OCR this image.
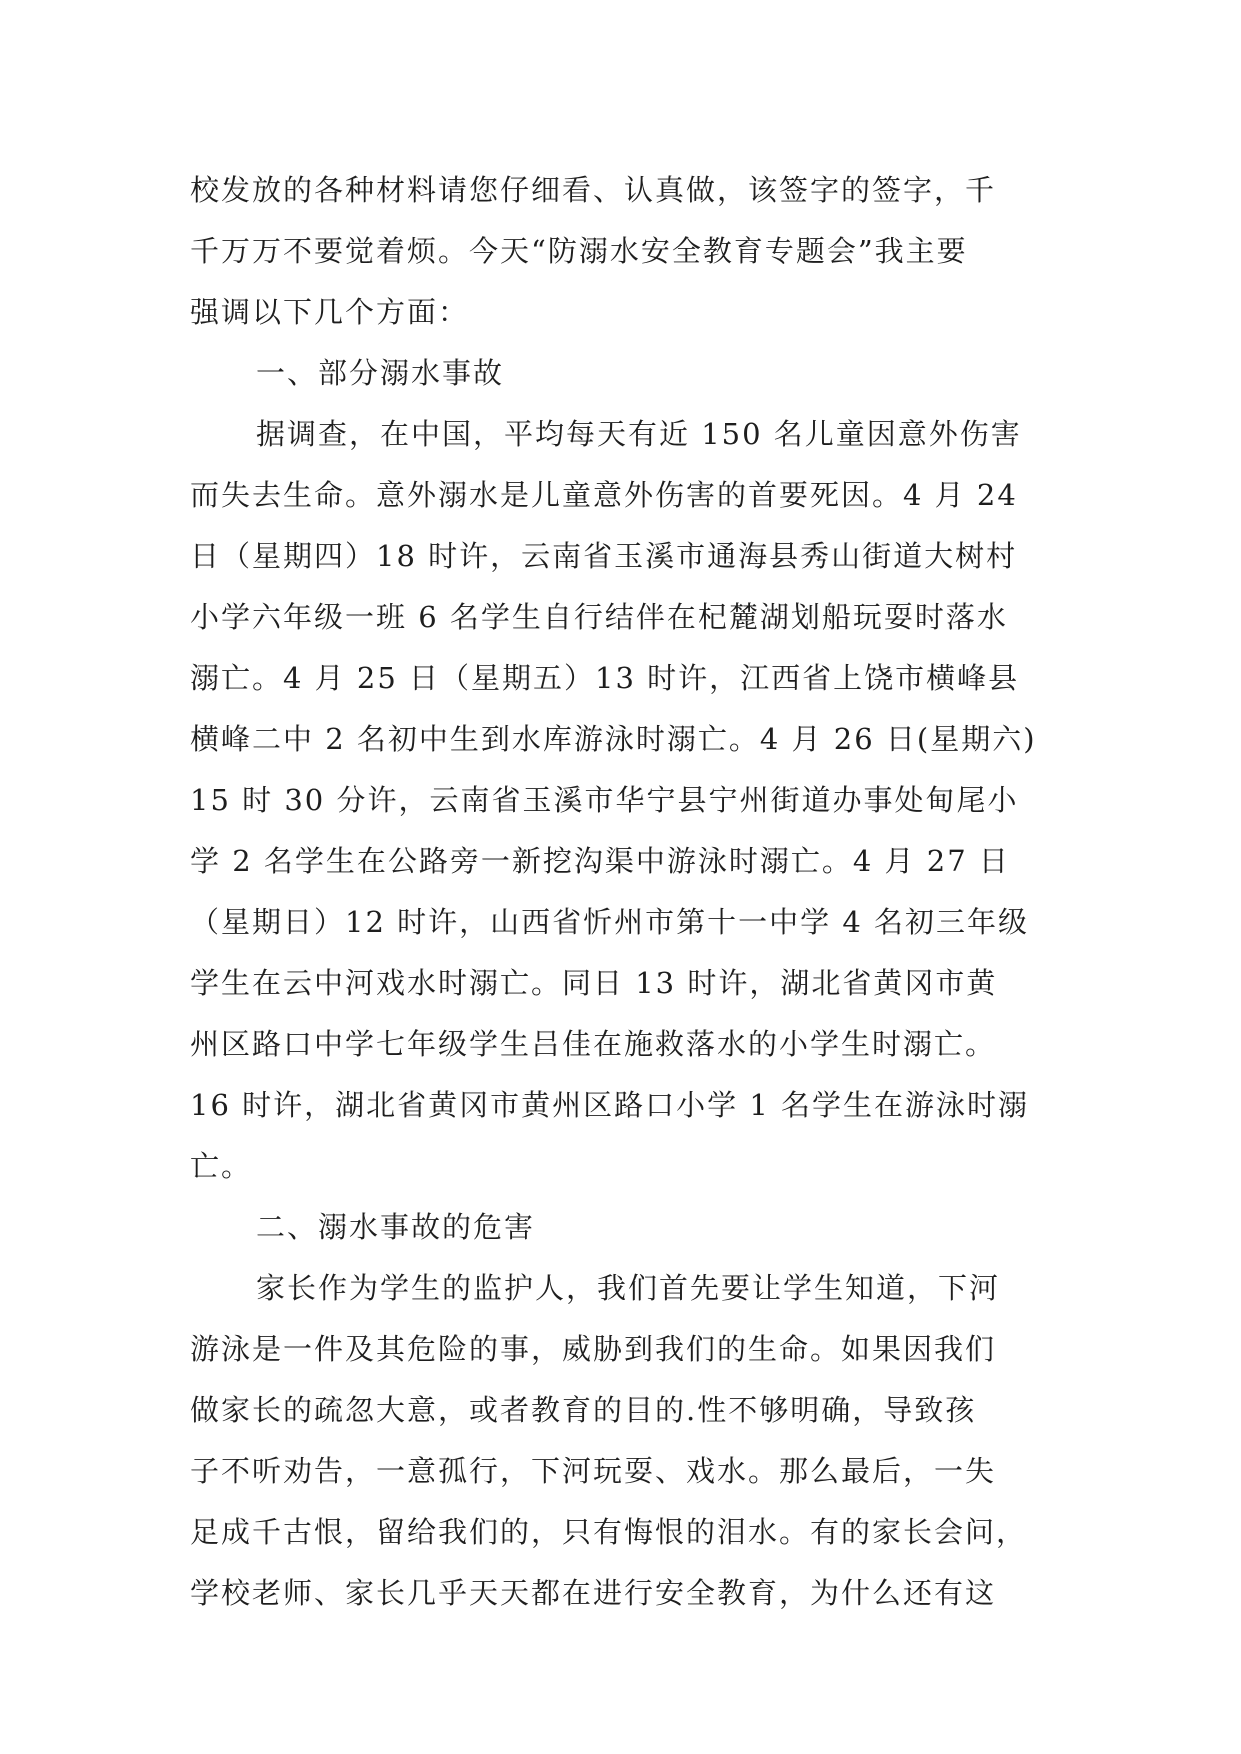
校发放的各种材料请您仔细看、认真做，该签字的签字，千
千万万不要觉着烦。今天“防溺水安全教育专题会”我主要
强调以下几个方面：
一、部分溺水事故
据调查，在中国，平均每天有近 150 名儿童因意外伤害
而失去生命。意外溺水是儿童意外伤害的首要死因。4 月 24
日（星期四）18 时许，云南省玉溪市通海县秀山街道大树村
小学六年级一班 6 名学生自行结伴在杞麓湖划船玩耍时落水
溺亡。4 月 25 日（星期五）13 时许，江西省上饶市横峰县
横峰二中 2 名初中生到水库游泳时溺亡。4 月 26 日(星期六)
15 时 30 分许，云南省玉溪市华宁县宁州街道办事处甸尾小
学 2 名学生在公路旁一新挖沟渠中游泳时溺亡。4 月 27 日
（星期日）12 时许，山西省忻州市第十一中学 4 名初三年级
学生在云中河戏水时溺亡。同日 13 时许，湖北省黄冈市黄
州区路口中学七年级学生吕佳在施救落水的小学生时溺亡。
16 时许，湖北省黄冈市黄州区路口小学 1 名学生在游泳时溺
亡。
二、溺水事故的危害
家长作为学生的监护人，我们首先要让学生知道，下河
游泳是一件及其危险的事，威胁到我们的生命。如果因我们
做家长的疏忽大意，或者教育的目的.性不够明确，导致孩
子不听劝告，一意孤行，下河玩耍、戏水。那么最后，一失
足成千古恨，留给我们的，只有悔恨的泪水。有的家长会问，
学校老师、家长几乎天天都在进行安全教育，为什么还有这
